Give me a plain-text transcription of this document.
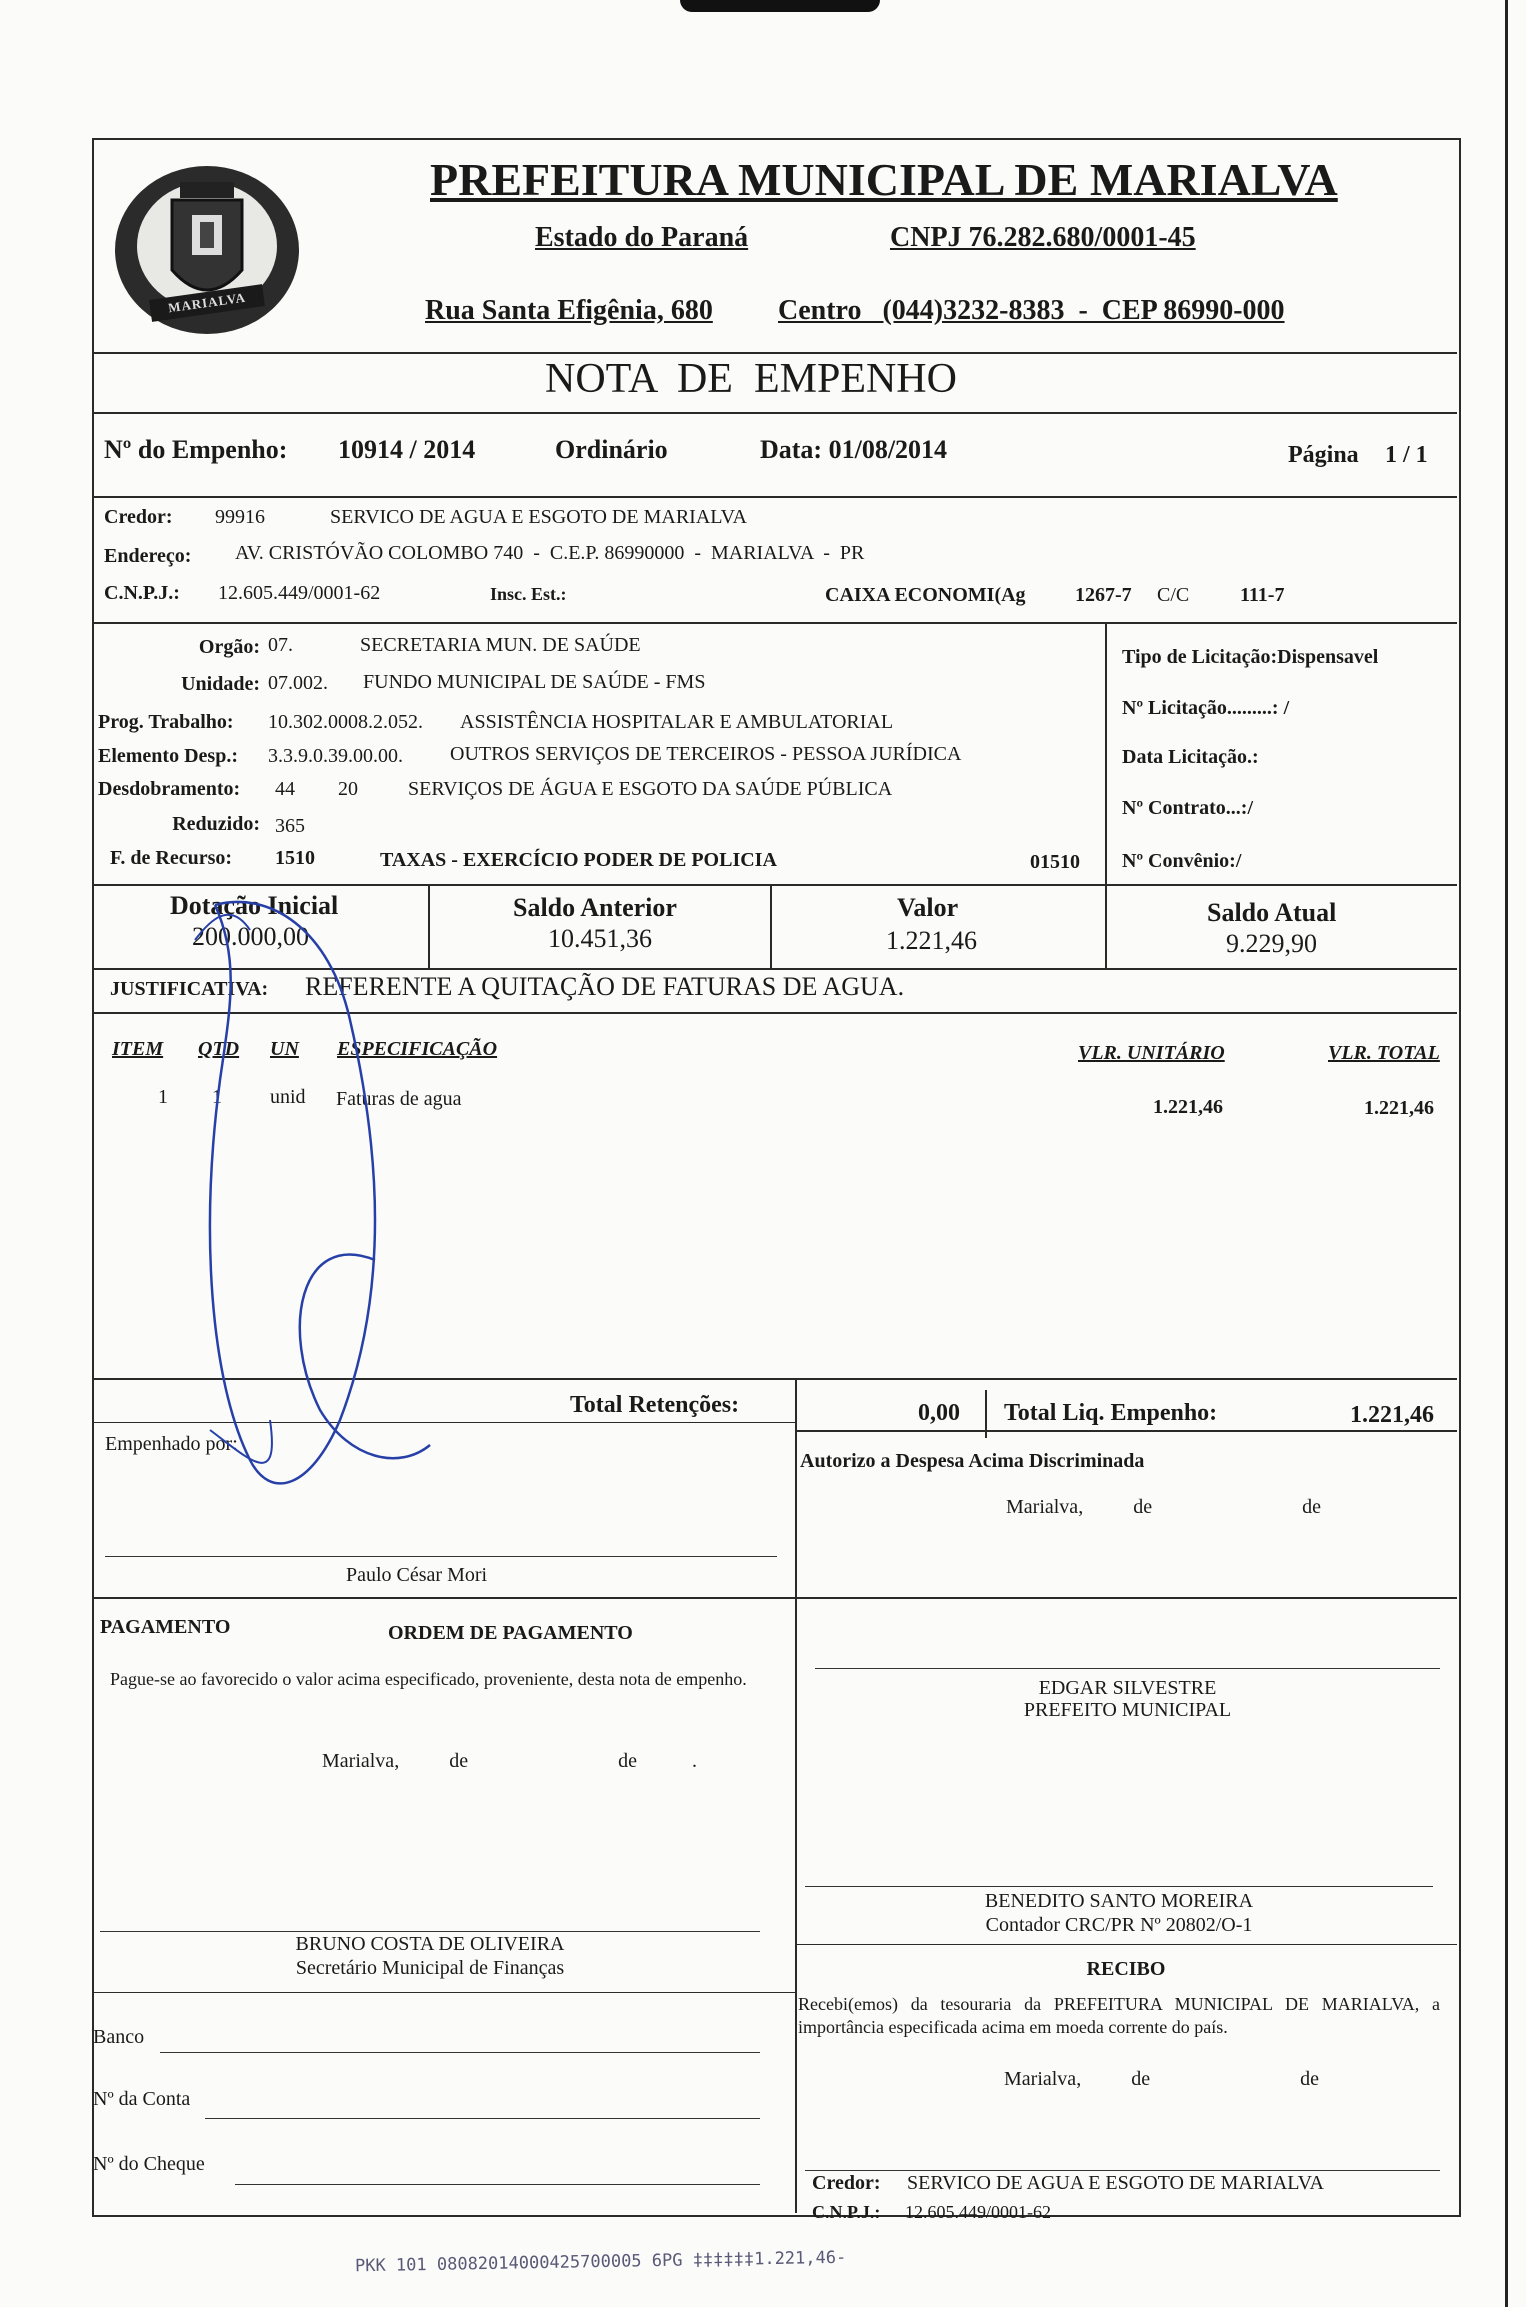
MARIALVA
PREFEITURA MUNICIPAL DE MARIALVA
Estado do Paraná	CNPJ 76.282.680/0001-45
Rua Santa Efigênia, 680 Centro   (044)3232-8383  -  CEP 86990-000
NOTA  DE  EMPENHO
Nº do Empenho: 10914 / 2014	Ordinário	Data: 01/08/2014	Página 1 / 1
Credor: 99916	SERVICO DE AGUA E ESGOTO DE MARIALVA
Endereço: AV. CRISTÓVÃO COLOMBO 740  -  C.E.P. 86990000  -  MARIALVA  -  PR
C.N.P.J.: 12.605.449/0001-62	Insc. Est.:	CAIXA ECONOMI(Ag 1267-7 C/C	111-7
Orgão: 07.	SECRETARIA MUN. DE SAÚDE
Unidade: 07.002. FUNDO MUNICIPAL DE SAÚDE - FMS
Prog. Trabalho: 10.302.0008.2.052. ASSISTÊNCIA HOSPITALAR E AMBULATORIAL
Elemento Desp.: 3.3.9.0.39.00.00. OUTROS SERVIÇOS DE TERCEIROS - PESSOA JURÍDICA
Desdobramento: 44 20	SERVIÇOS DE ÁGUA E ESGOTO DA SAÚDE PÚBLICA
Reduzido: 365
F. de Recurso: 1510	TAXAS - EXERCÍCIO PODER DE POLICIA	01510
Tipo de Licitação:Dispensavel
Nº Licitação.........: /
Data Licitação.:
Nº Contrato...:/
Nº Convênio:/
Dotação Inicial
200.000,00
Saldo Anterior
10.451,36
Valor
1.221,46
Saldo Atual
9.229,90
JUSTIFICATIVA: REFERENTE A QUITAÇÃO DE FATURAS DE AGUA.
ITEM QTD UN ESPECIFICAÇÃO	VLR. UNITÁRIO	VLR. TOTAL
1 1 unid Faturas de agua	1.221,46	1.221,46
Total Retenções:	0,00 Total Liq. Empenho:	1.221,46
Empenhado por:
Paulo César Mori
Autorizo a Despesa Acima Discriminada
Marialva,          de                              de
PAGAMENTO	ORDEM DE PAGAMENTO
Pague-se ao favorecido o valor acima especificado, proveniente, desta nota de empenho.
Marialva,          de                              de           .
EDGAR SILVESTRE
PREFEITO MUNICIPAL
BENEDITO SANTO MOREIRA
Contador CRC/PR Nº 20802/O-1
BRUNO COSTA DE OLIVEIRA
Secretário Municipal de Finanças	RECIBO
Recebi(emos) da tesouraria da PREFEITURA MUNICIPAL DE MARIALVA, a importância especificada acima em moeda corrente do país.
Marialva,          de                              de
Credor: SERVICO DE AGUA E ESGOTO DE MARIALVA
C.N.P.J.: 12.605.449/0001-62
Banco
Nº da Conta
Nº do Cheque
PKK 101 08082014000425700005 6PG ‡‡‡‡‡‡1.221,46-
